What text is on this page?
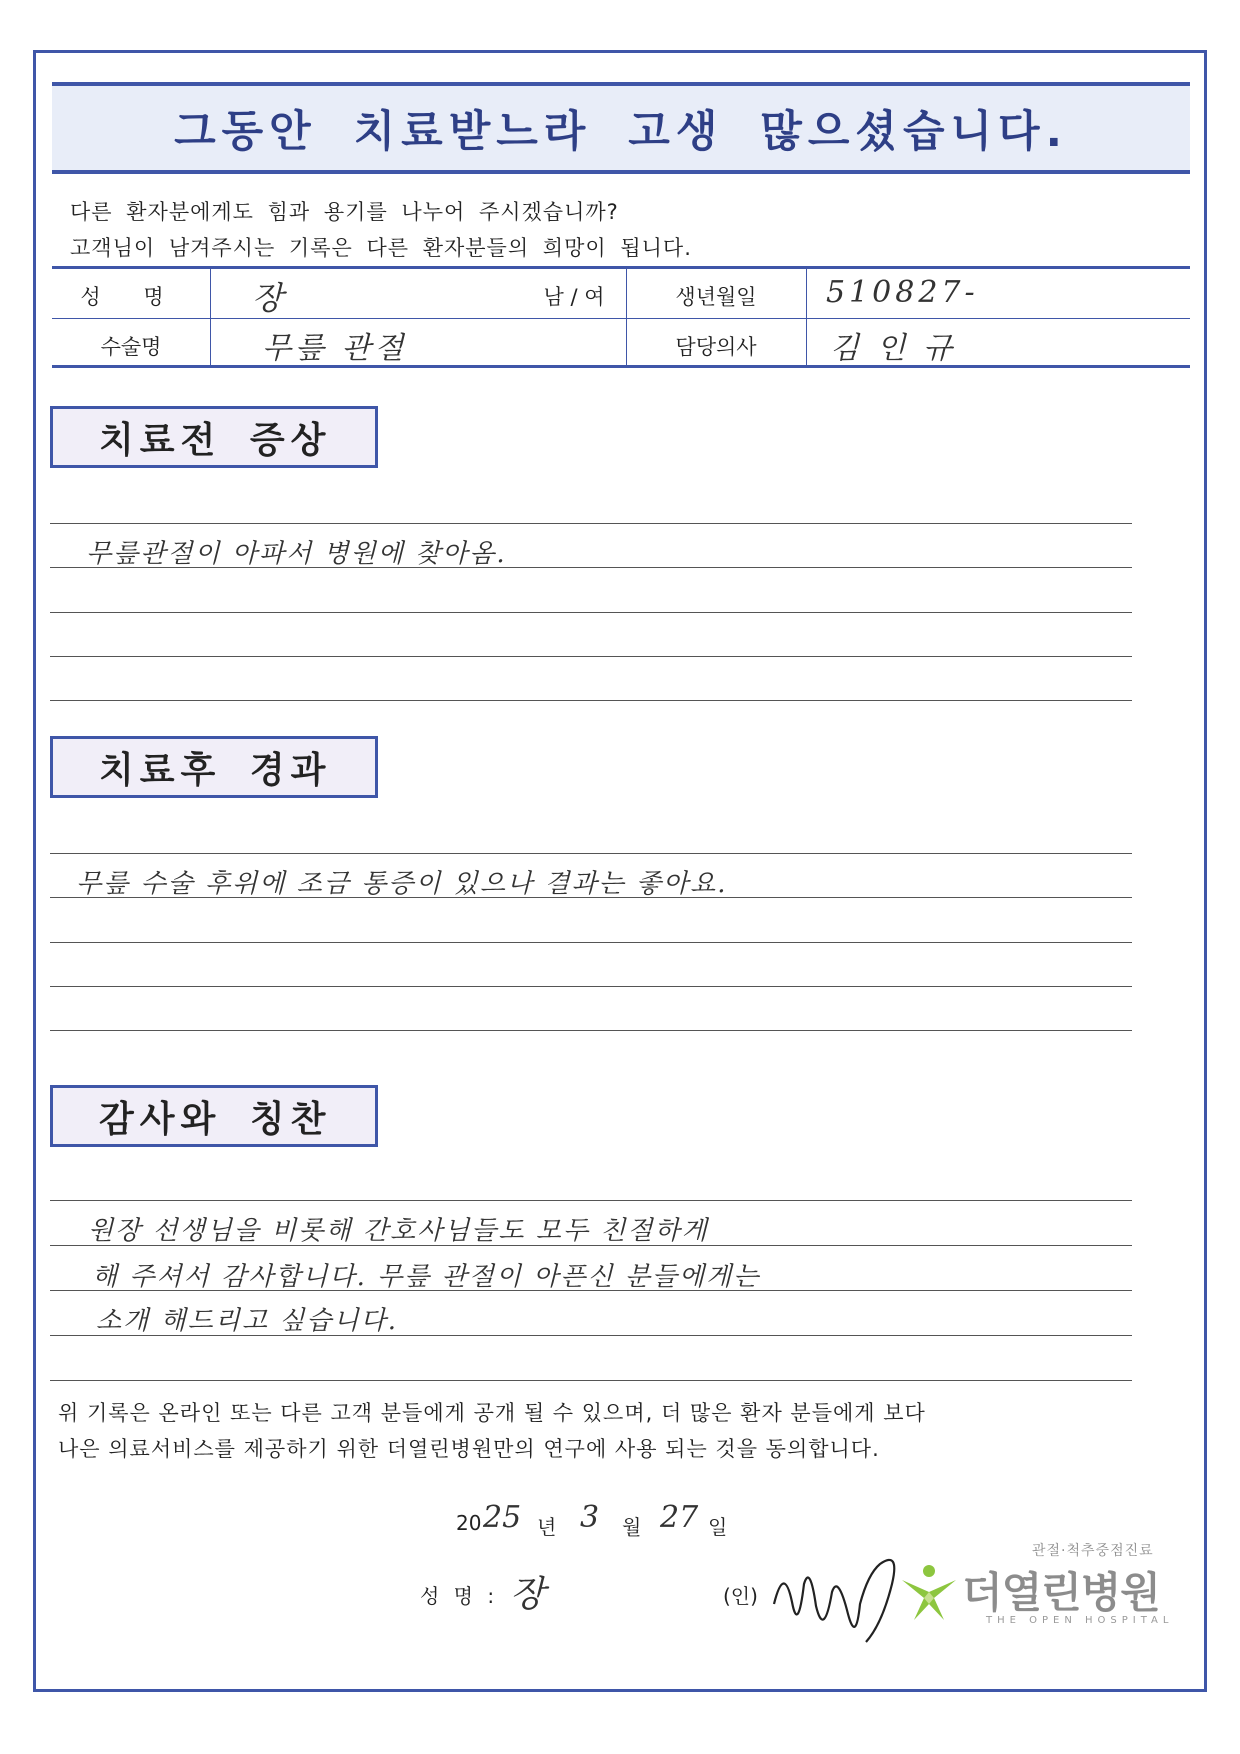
그동안 치료받느라 고생 많으셨습니다.
다른 환자분에게도 힘과 용기를 나누어 주시겠습니까?
고객님이 남겨주시는 기록은 다른 환자분들의 희망이 됩니다.
성 명	장	남 / 여	생년월일	510827-
수술명	무릎 관절	담당의사	김 인 규
치료전 증상
무릎관절이 아파서 병원에 찾아옴.
치료후 경과
무릎 수술 후위에 조금 통증이 있으나 결과는 좋아요.
감사와 칭찬
원장 선생님을 비롯해 간호사님들도 모두 친절하게
해 주셔서 감사합니다. 무릎 관절이 아픈신 분들에게는
소개 해드리고 싶습니다.
위 기록은 온라인 또는 다른 고객 분들에게 공개 될 수 있으며, 더 많은 환자 분들에게 보다
나은 의료서비스를 제공하기 위한 더열린병원만의 연구에 사용 되는 것을 동의합니다.
20 25 년 3 월 27 일
성 명 : 장	(인)
관절·척추중점진료
더열린병원
THE OPEN HOSPITAL
